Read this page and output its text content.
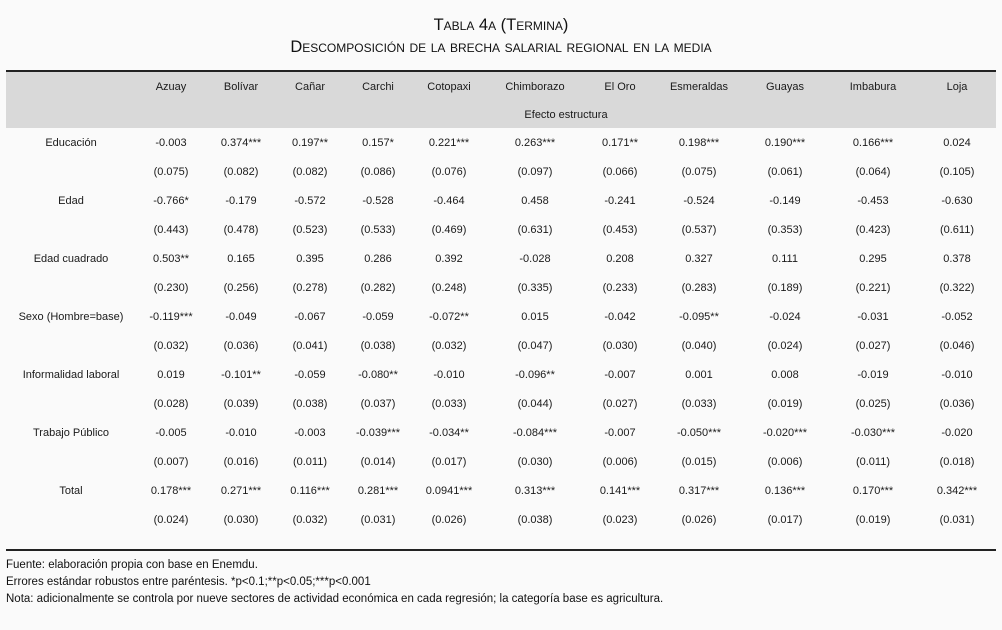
Tabla 4a (Termina)
Descomposición de la brecha salarial regional en la media
	Azuay	Bolívar	Cañar	Carchi	Cotopaxi	Chimborazo	El Oro	Esmeraldas	Guayas	Imbabura	Loja
	Efecto estructura										
Educación	-0.003	0.374***	0.197**	0.157*	0.221***	0.263***	0.171**	0.198***	0.190***	0.166***	0.024
	(0.075)	(0.082)	(0.082)	(0.086)	(0.076)	(0.097)	(0.066)	(0.075)	(0.061)	(0.064)	(0.105)
Edad	-0.766*	-0.179	-0.572	-0.528	-0.464	0.458	-0.241	-0.524	-0.149	-0.453	-0.630
	(0.443)	(0.478)	(0.523)	(0.533)	(0.469)	(0.631)	(0.453)	(0.537)	(0.353)	(0.423)	(0.611)
Edad cuadrado	0.503**	0.165	0.395	0.286	0.392	-0.028	0.208	0.327	0.111	0.295	0.378
	(0.230)	(0.256)	(0.278)	(0.282)	(0.248)	(0.335)	(0.233)	(0.283)	(0.189)	(0.221)	(0.322)
Sexo (Hombre=base)	-0.119***	-0.049	-0.067	-0.059	-0.072**	0.015	-0.042	-0.095**	-0.024	-0.031	-0.052
	(0.032)	(0.036)	(0.041)	(0.038)	(0.032)	(0.047)	(0.030)	(0.040)	(0.024)	(0.027)	(0.046)
Informalidad laboral	0.019	-0.101**	-0.059	-0.080**	-0.010	-0.096**	-0.007	0.001	0.008	-0.019	-0.010
	(0.028)	(0.039)	(0.038)	(0.037)	(0.033)	(0.044)	(0.027)	(0.033)	(0.019)	(0.025)	(0.036)
Trabajo Público	-0.005	-0.010	-0.003	-0.039***	-0.034**	-0.084***	-0.007	-0.050***	-0.020***	-0.030***	-0.020
	(0.007)	(0.016)	(0.011)	(0.014)	(0.017)	(0.030)	(0.006)	(0.015)	(0.006)	(0.011)	(0.018)
Total	0.178***	0.271***	0.116***	0.281***	0.0941***	0.313***	0.141***	0.317***	0.136***	0.170***	0.342***
	(0.024)	(0.030)	(0.032)	(0.031)	(0.026)	(0.038)	(0.023)	(0.026)	(0.017)	(0.019)	(0.031)
Fuente: elaboración propia con base en Enemdu.
Errores estándar robustos entre paréntesis. *p<0.1;**p<0.05;***p<0.001
Nota: adicionalmente se controla por nueve sectores de actividad económica en cada regresión; la categoría base es agricultura.
